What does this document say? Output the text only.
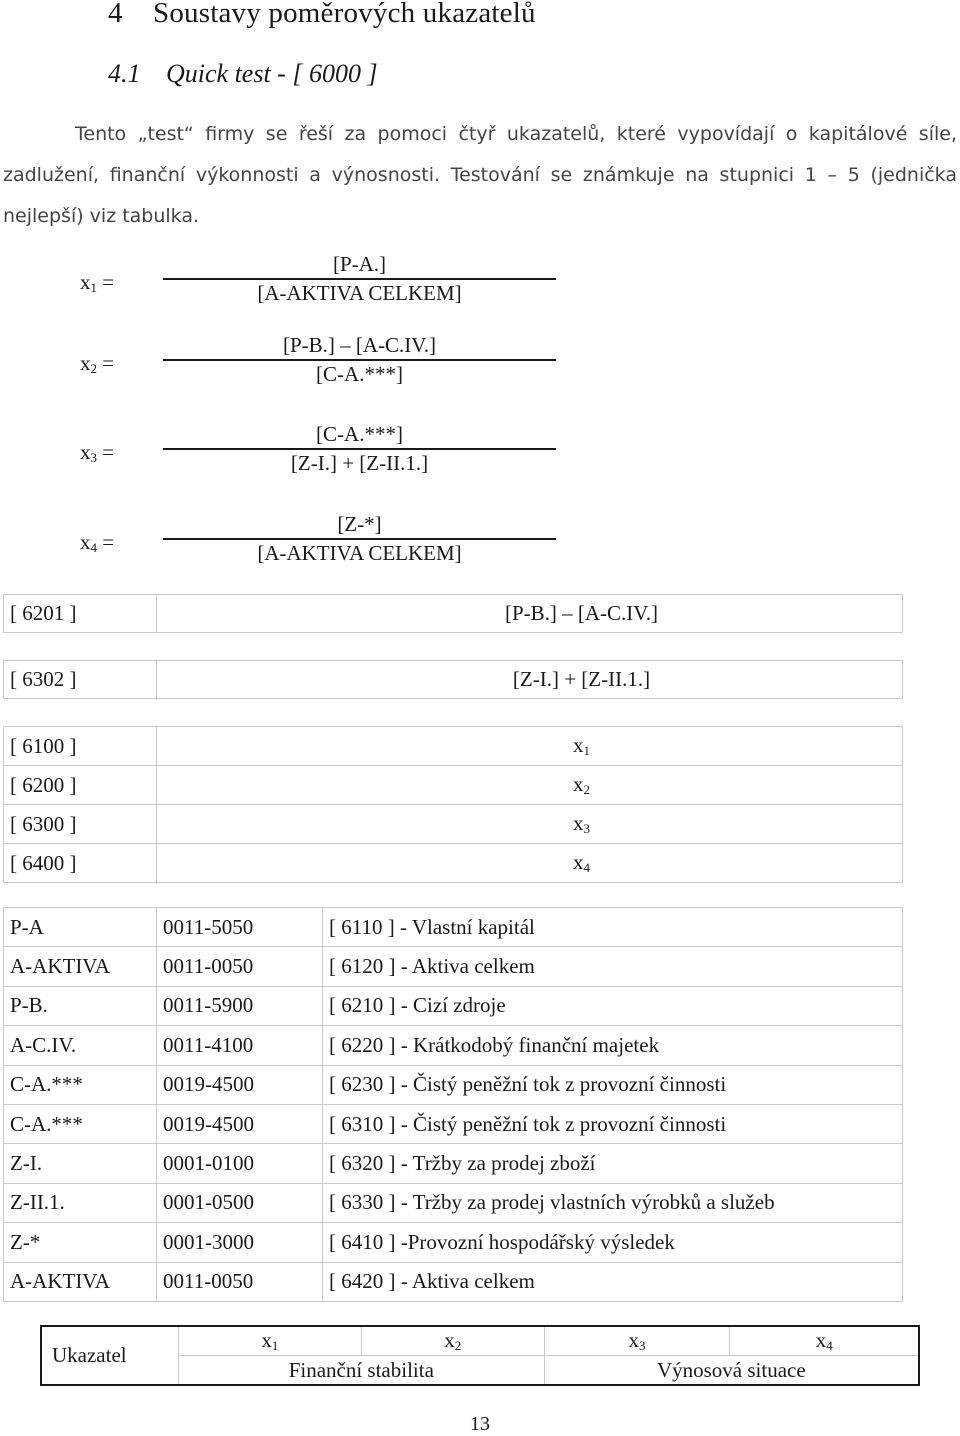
4 Soustavy poměrových ukazatelů
4.1 Quick test - [ 6000 ]
Tento „test“ firmy se řeší za pomoci čtyř ukazatelů, které vypovídají o kapitálové síle,
zadlužení, finanční výkonnosti a výnosnosti. Testování se známkuje na stupnici 1 – 5 (jednička
nejlepší) viz tabulka.
$x_1$ =
[P-A.]
[A-AKTIVA CELKEM]
$x_2$ =
[P-B.] – [A-C.IV.]
[C-A.***]
$x_3$ =
[C-A.***]
[Z-I.] + [Z-II.1.]
$x_4$ =
[Z-*]
[A-AKTIVA CELKEM]
[ 6201 ]	[P-B.] – [A-C.IV.]
[ 6302 ]	[Z-I.] + [Z-II.1.]
[ 6100 ]	$x_1$
[ 6200 ]	$x_2$
[ 6300 ]	$x_3$
[ 6400 ]	$x_4$
P-A	0011-5050	[ 6110 ] - Vlastní kapitál
A-AKTIVA	0011-0050	[ 6120 ] - Aktiva celkem
P-B.	0011-5900	[ 6210 ] - Cizí zdroje
A-C.IV.	0011-4100	[ 6220 ] - Krátkodobý finanční majetek
C-A.***	0019-4500	[ 6230 ] - Čistý peněžní tok z provozní činnosti
C-A.***	0019-4500	[ 6310 ] - Čistý peněžní tok z provozní činnosti
Z-I.	0001-0100	[ 6320 ] - Tržby za prodej zboží
Z-II.1.	0001-0500	[ 6330 ] - Tržby za prodej vlastních výrobků a služeb
Z-*	0001-3000	[ 6410 ] -Provozní hospodářský výsledek
A-AKTIVA	0011-0050	[ 6420 ] - Aktiva celkem
Ukazatel	$x_1$	$x_2$	$x_3$	$x_4$
	Finanční stabilita		Výnosová situace	
13
